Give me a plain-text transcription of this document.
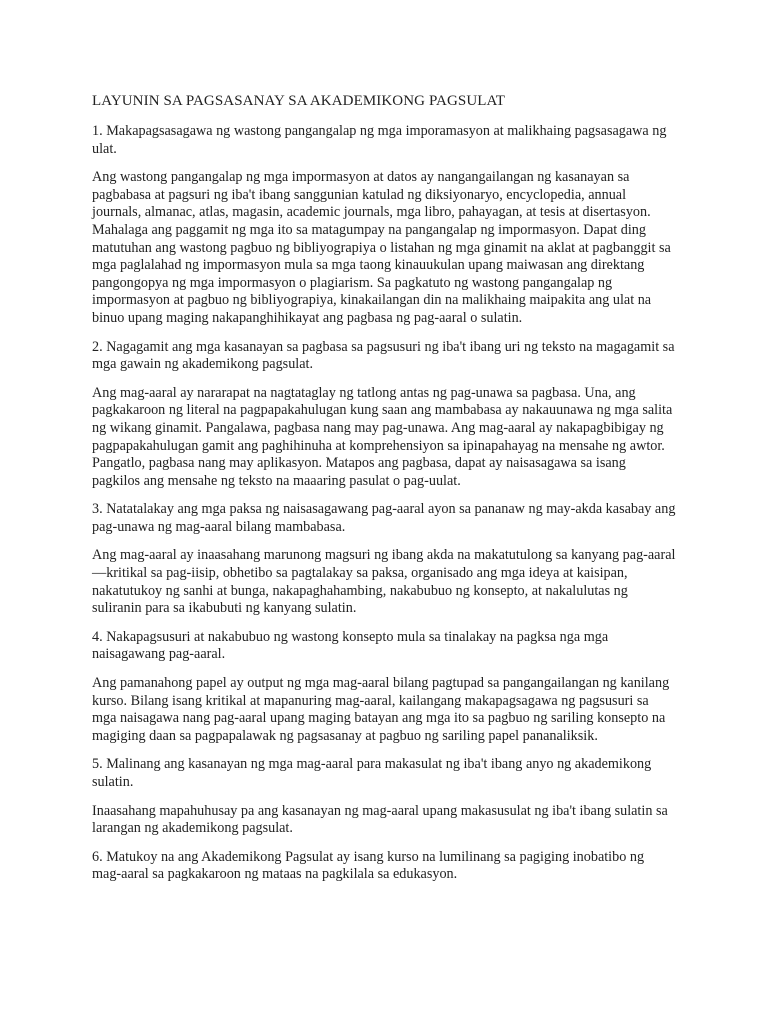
LAYUNIN SA PAGSASANAY SA AKADEMIKONG PAGSULAT

1. Makapagsasagawa ng wastong pangangalap ng mga imporamasyon at malikhaing pagsasagawa ng ulat.

Ang wastong pangangalap ng mga impormasyon at datos ay nangangailangan ng kasanayan sa pagbabasa at pagsuri ng iba't ibang sanggunian katulad ng diksiyonaryo, encyclopedia, annual journals, almanac, atlas, magasin, academic journals, mga libro, pahayagan, at tesis at disertasyon. Mahalaga ang paggamit ng mga ito sa matagumpay na pangangalap ng impormasyon. Dapat ding matutuhan ang wastong pagbuo ng bibliyograpiya o listahan ng mga ginamit na aklat at pagbanggit sa mga paglalahad ng impormasyon mula sa mga taong kinauukulan upang maiwasan ang direktang pangongopya ng mga impormasyon o plagiarism. Sa pagkatuto ng wastong pangangalap ng impormasyon at pagbuo ng bibliyograpiya, kinakailangan din na malikhaing maipakita ang ulat na binuo upang maging nakapanghihikayat ang pagbasa ng pag-aaral o sulatin.

2. Nagagamit ang mga kasanayan sa pagbasa sa pagsusuri ng iba't ibang uri ng teksto na magagamit sa mga gawain ng akademikong pagsulat.

Ang mag-aaral ay nararapat na nagtataglay ng tatlong antas ng pag-unawa sa pagbasa. Una, ang pagkakaroon ng literal na pagpapakahulugan kung saan ang mambabasa ay nakauunawa ng mga salita ng wikang ginamit. Pangalawa, pagbasa nang may pag-unawa. Ang mag-aaral ay nakapagbibigay ng pagpapakahulugan gamit ang paghihinuha at komprehensiyon sa ipinapahayag na mensahe ng awtor. Pangatlo, pagbasa nang may aplikasyon. Matapos ang pagbasa, dapat ay naisasagawa sa isang pagkilos ang mensahe ng teksto na maaaring pasulat o pag-uulat.

3. Natatalakay ang mga paksa ng naisasagawang pag-aaral ayon sa pananaw ng may-akda kasabay ang pag-unawa ng mag-aaral bilang mambabasa.

Ang mag-aaral ay inaasahang marunong magsuri ng ibang akda na makatutulong sa kanyang pag-aaral—kritikal sa pag-iisip, obhetibo sa pagtalakay sa paksa, organisado ang mga ideya at kaisipan, nakatutukoy ng sanhi at bunga, nakapaghahambing, nakabubuo ng konsepto, at nakalulutas ng suliranin para sa ikabubuti ng kanyang sulatin.

4. Nakapagsusuri at nakabubuo ng wastong konsepto mula sa tinalakay na pagksa nga mga naisagawang pag-aaral.

Ang pamanahong papel ay output ng mga mag-aaral bilang pagtupad sa pangangailangan ng kanilang kurso. Bilang isang kritikal at mapanuring mag-aaral, kailangang makapagsagawa ng pagsusuri sa mga naisagawa nang pag-aaral upang maging batayan ang mga ito sa pagbuo ng sariling konsepto na magiging daan sa pagpapalawak ng pagsasanay at pagbuo ng sariling papel pananaliksik.

5. Malinang ang kasanayan ng mga mag-aaral para makasulat ng iba't ibang anyo ng akademikong sulatin.

Inaasahang mapahuhusay pa ang kasanayan ng mag-aaral upang makasusulat ng iba't ibang sulatin sa larangan ng akademikong pagsulat.

6. Matukoy na ang Akademikong Pagsulat ay isang kurso na lumilinang sa pagiging inobatibo ng mag-aaral sa pagkakaroon ng mataas na pagkilala sa edukasyon.
